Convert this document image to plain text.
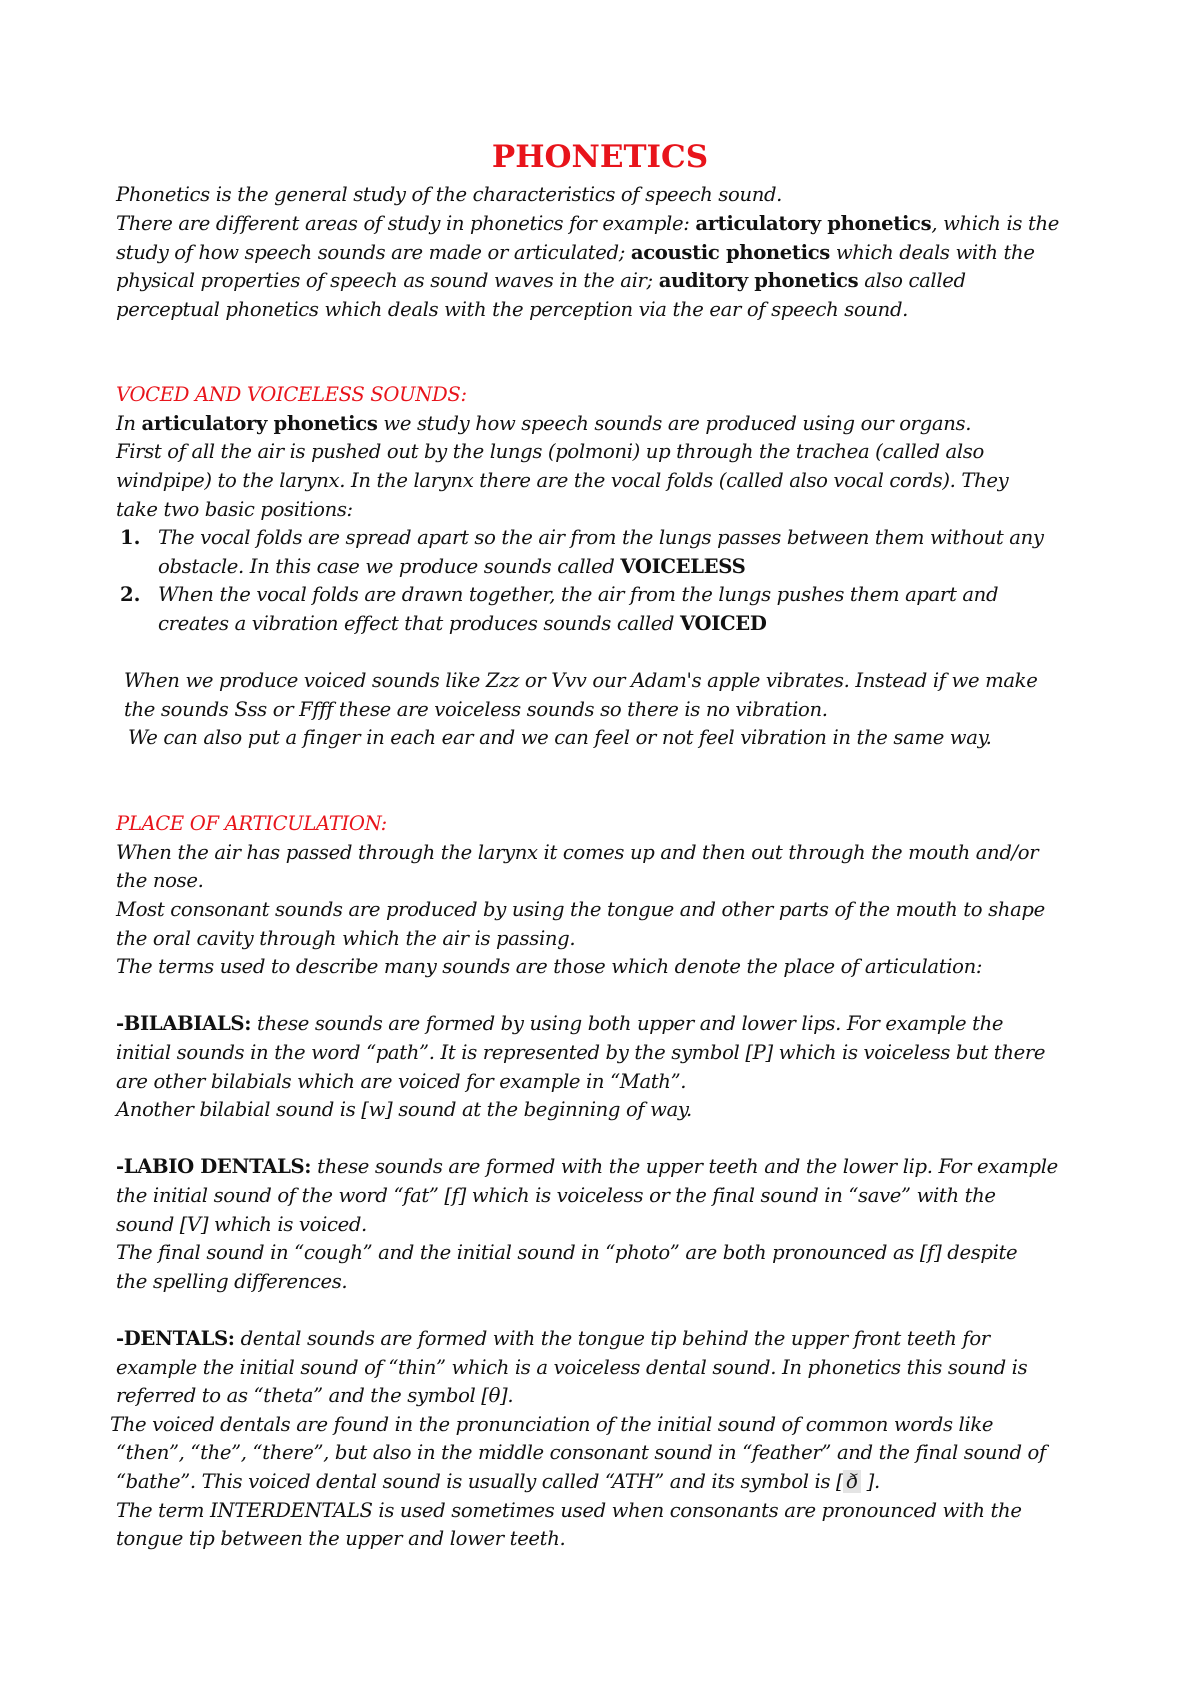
PHONETICS
Phonetics is the general study of the characteristics of speech sound.
There are different areas of study in phonetics for example: articulatory phonetics, which is the
study of how speech sounds are made or articulated; acoustic phonetics which deals with the
physical properties of speech as sound waves in the air; auditory phonetics also called
perceptual phonetics which deals with the perception via the ear of speech sound.
VOCED AND VOICELESS SOUNDS:
In articulatory phonetics we study how speech sounds are produced using our organs.
First of all the air is pushed out by the lungs (polmoni) up through the trachea (called also
windpipe) to the larynx. In the larynx there are the vocal folds (called also vocal cords). They
take two basic positions:
1. The vocal folds are spread apart so the air from the lungs passes between them without any
obstacle. In this case we produce sounds called VOICELESS
2. When the vocal folds are drawn together, the air from the lungs pushes them apart and
creates a vibration effect that produces sounds called VOICED
When we produce voiced sounds like Zzz or Vvv our Adam's apple vibrates. Instead if we make
the sounds Sss or Ffff these are voiceless sounds so there is no vibration.
We can also put a finger in each ear and we can feel or not feel vibration in the same way.
PLACE OF ARTICULATION:
When the air has passed through the larynx it comes up and then out through the mouth and/or
the nose.
Most consonant sounds are produced by using the tongue and other parts of the mouth to shape
the oral cavity through which the air is passing.
The terms used to describe many sounds are those which denote the place of articulation:
-BILABIALS: these sounds are formed by using both upper and lower lips. For example the
initial sounds in the word “path”. It is represented by the symbol [P] which is voiceless but there
are other bilabials which are voiced for example in “Math”.
Another bilabial sound is [w] sound at the beginning of way.
-LABIO DENTALS: these sounds are formed with the upper teeth and the lower lip. For example
the initial sound of the word “fat” [f] which is voiceless or the final sound in “save” with the
sound [V] which is voiced.
The final sound in “cough” and the initial sound in “photo” are both pronounced as [f] despite
the spelling differences.
-DENTALS: dental sounds are formed with the tongue tip behind the upper front teeth for
example the initial sound of “thin” which is a voiceless dental sound. In phonetics this sound is
referred to as “theta” and the symbol [θ].
The voiced dentals are found in the pronunciation of the initial sound of common words like
“then”, “the”, “there”, but also in the middle consonant sound in “feather” and the final sound of
“bathe”. This voiced dental sound is usually called “ATH” and its symbol is [ ð ].
The term INTERDENTALS is used sometimes used when consonants are pronounced with the
tongue tip between the upper and lower teeth.
